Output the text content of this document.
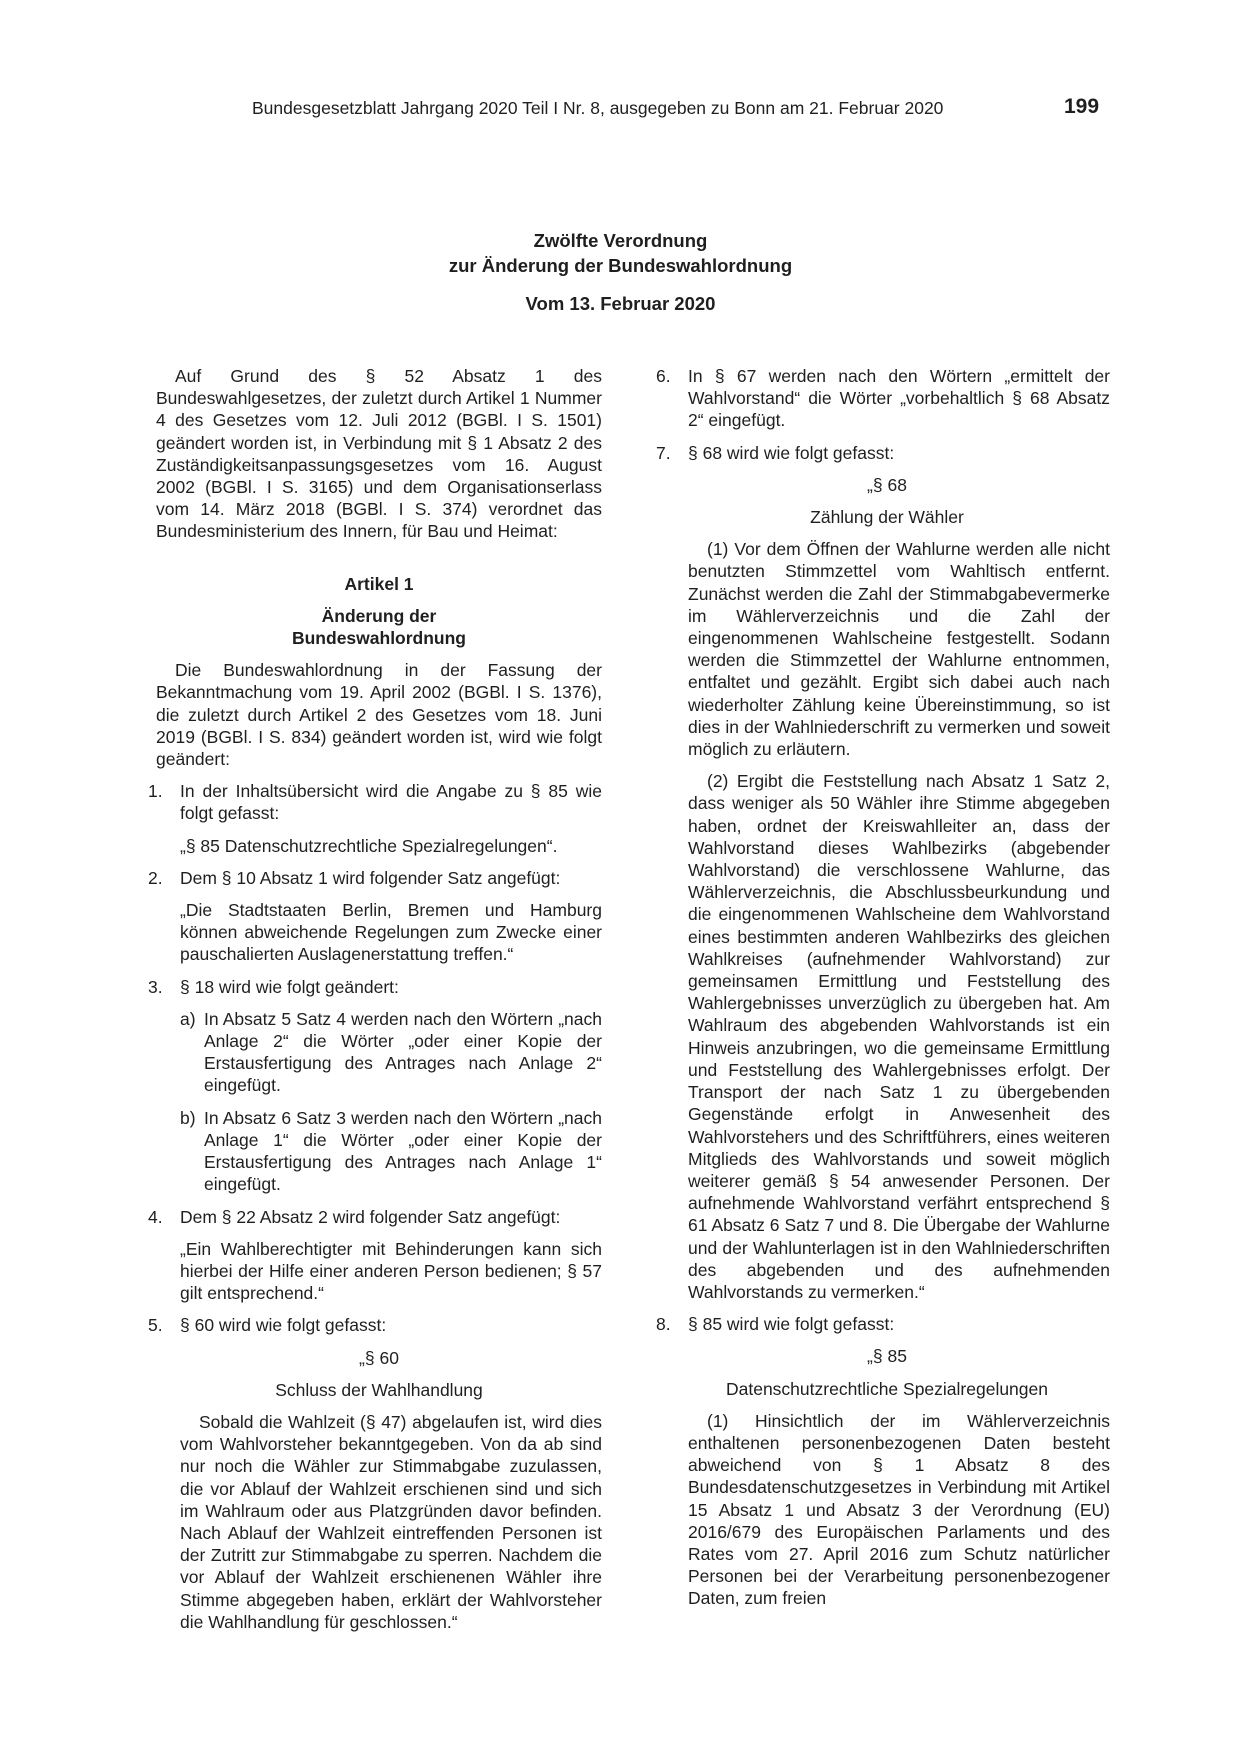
Bundesgesetzblatt Jahrgang 2020 Teil I Nr. 8, ausgegeben zu Bonn am 21. Februar 2020	199
Zwölfte Verordnung
zur Änderung der Bundeswahlordnung
Vom 13. Februar 2020

Auf Grund des § 52 Absatz 1 des Bundeswahlgesetzes, der zuletzt durch Artikel 1 Nummer 4 des Gesetzes vom 12. Juli 2012 (BGBl. I S. 1501) geändert worden ist, in Verbindung mit § 1 Absatz 2 des Zuständigkeitsanpassungsgesetzes vom 16. August 2002 (BGBl. I S. 3165) und dem Organisationserlass vom 14. März 2018 (BGBl. I S. 374) verordnet das Bundesministerium des Innern, für Bau und Heimat:

Artikel 1

Änderung der

Bundeswahlordnung

Die Bundeswahlordnung in der Fassung der Bekanntmachung vom 19. April 2002 (BGBl. I S. 1376), die zuletzt durch Artikel 2 des Gesetzes vom 18. Juni 2019 (BGBl. I S. 834) geändert worden ist, wird wie folgt geändert:

1. In der Inhaltsübersicht wird die Angabe zu § 85 wie folgt gefasst:

„§ 85 Datenschutzrechtliche Spezialregelungen“.

2. Dem § 10 Absatz 1 wird folgender Satz angefügt:

„Die Stadtstaaten Berlin, Bremen und Hamburg können abweichende Regelungen zum Zwecke einer pauschalierten Auslagenerstattung treffen.“

3. § 18 wird wie folgt geändert:

a) In Absatz 5 Satz 4 werden nach den Wörtern „nach Anlage 2“ die Wörter „oder einer Kopie der Erstausfertigung des Antrages nach Anlage 2“ eingefügt.

b) In Absatz 6 Satz 3 werden nach den Wörtern „nach Anlage 1“ die Wörter „oder einer Kopie der Erstausfertigung des Antrages nach Anlage 1“ eingefügt.

4. Dem § 22 Absatz 2 wird folgender Satz angefügt:

„Ein Wahlberechtigter mit Behinderungen kann sich hierbei der Hilfe einer anderen Person bedienen; § 57 gilt entsprechend.“

5. § 60 wird wie folgt gefasst:

„§ 60

Schluss der Wahlhandlung

Sobald die Wahlzeit (§ 47) abgelaufen ist, wird dies vom Wahlvorsteher bekanntgegeben. Von da ab sind nur noch die Wähler zur Stimmabgabe zuzulassen, die vor Ablauf der Wahlzeit erschienen sind und sich im Wahlraum oder aus Platzgründen davor befinden. Nach Ablauf der Wahlzeit eintreffenden Personen ist der Zutritt zur Stimmabgabe zu sperren. Nachdem die vor Ablauf der Wahlzeit erschienenen Wähler ihre Stimme abgegeben haben, erklärt der Wahlvorsteher die Wahlhandlung für geschlossen.“

6. In § 67 werden nach den Wörtern „ermittelt der Wahlvorstand“ die Wörter „vorbehaltlich § 68 Absatz 2“ eingefügt.

7. § 68 wird wie folgt gefasst:

„§ 68

Zählung der Wähler

(1) Vor dem Öffnen der Wahlurne werden alle nicht benutzten Stimmzettel vom Wahltisch entfernt. Zunächst werden die Zahl der Stimmabgabevermerke im Wählerverzeichnis und die Zahl der eingenommenen Wahlscheine festgestellt. Sodann werden die Stimmzettel der Wahlurne entnommen, entfaltet und gezählt. Ergibt sich dabei auch nach wiederholter Zählung keine Übereinstimmung, so ist dies in der Wahlniederschrift zu vermerken und soweit möglich zu erläutern.

(2) Ergibt die Feststellung nach Absatz 1 Satz 2, dass weniger als 50 Wähler ihre Stimme abgegeben haben, ordnet der Kreiswahlleiter an, dass der Wahlvorstand dieses Wahlbezirks (abgebender Wahlvorstand) die verschlossene Wahlurne, das Wählerverzeichnis, die Abschlussbeurkundung und die eingenommenen Wahlscheine dem Wahlvorstand eines bestimmten anderen Wahlbezirks des gleichen Wahlkreises (aufnehmender Wahlvorstand) zur gemeinsamen Ermittlung und Feststellung des Wahlergebnisses unverzüglich zu übergeben hat. Am Wahlraum des abgebenden Wahlvorstands ist ein Hinweis anzubringen, wo die gemeinsame Ermittlung und Feststellung des Wahlergebnisses erfolgt. Der Transport der nach Satz 1 zu übergebenden Gegenstände erfolgt in Anwesenheit des Wahlvorstehers und des Schriftführers, eines weiteren Mitglieds des Wahlvorstands und soweit möglich weiterer gemäß § 54 anwesender Personen. Der aufnehmende Wahlvorstand verfährt entsprechend § 61 Absatz 6 Satz 7 und 8. Die Übergabe der Wahlurne und der Wahlunterlagen ist in den Wahlniederschriften des abgebenden und des aufnehmenden Wahlvorstands zu vermerken.“

8. § 85 wird wie folgt gefasst:

„§ 85

Datenschutzrechtliche Spezialregelungen

(1) Hinsichtlich der im Wählerverzeichnis enthaltenen personenbezogenen Daten besteht abweichend von § 1 Absatz 8 des Bundesdatenschutzgesetzes in Verbindung mit Artikel 15 Absatz 1 und Absatz 3 der Verordnung (EU) 2016/679 des Europäischen Parlaments und des Rates vom 27. April 2016 zum Schutz natürlicher Personen bei der Verarbeitung personenbezogener Daten, zum freien
